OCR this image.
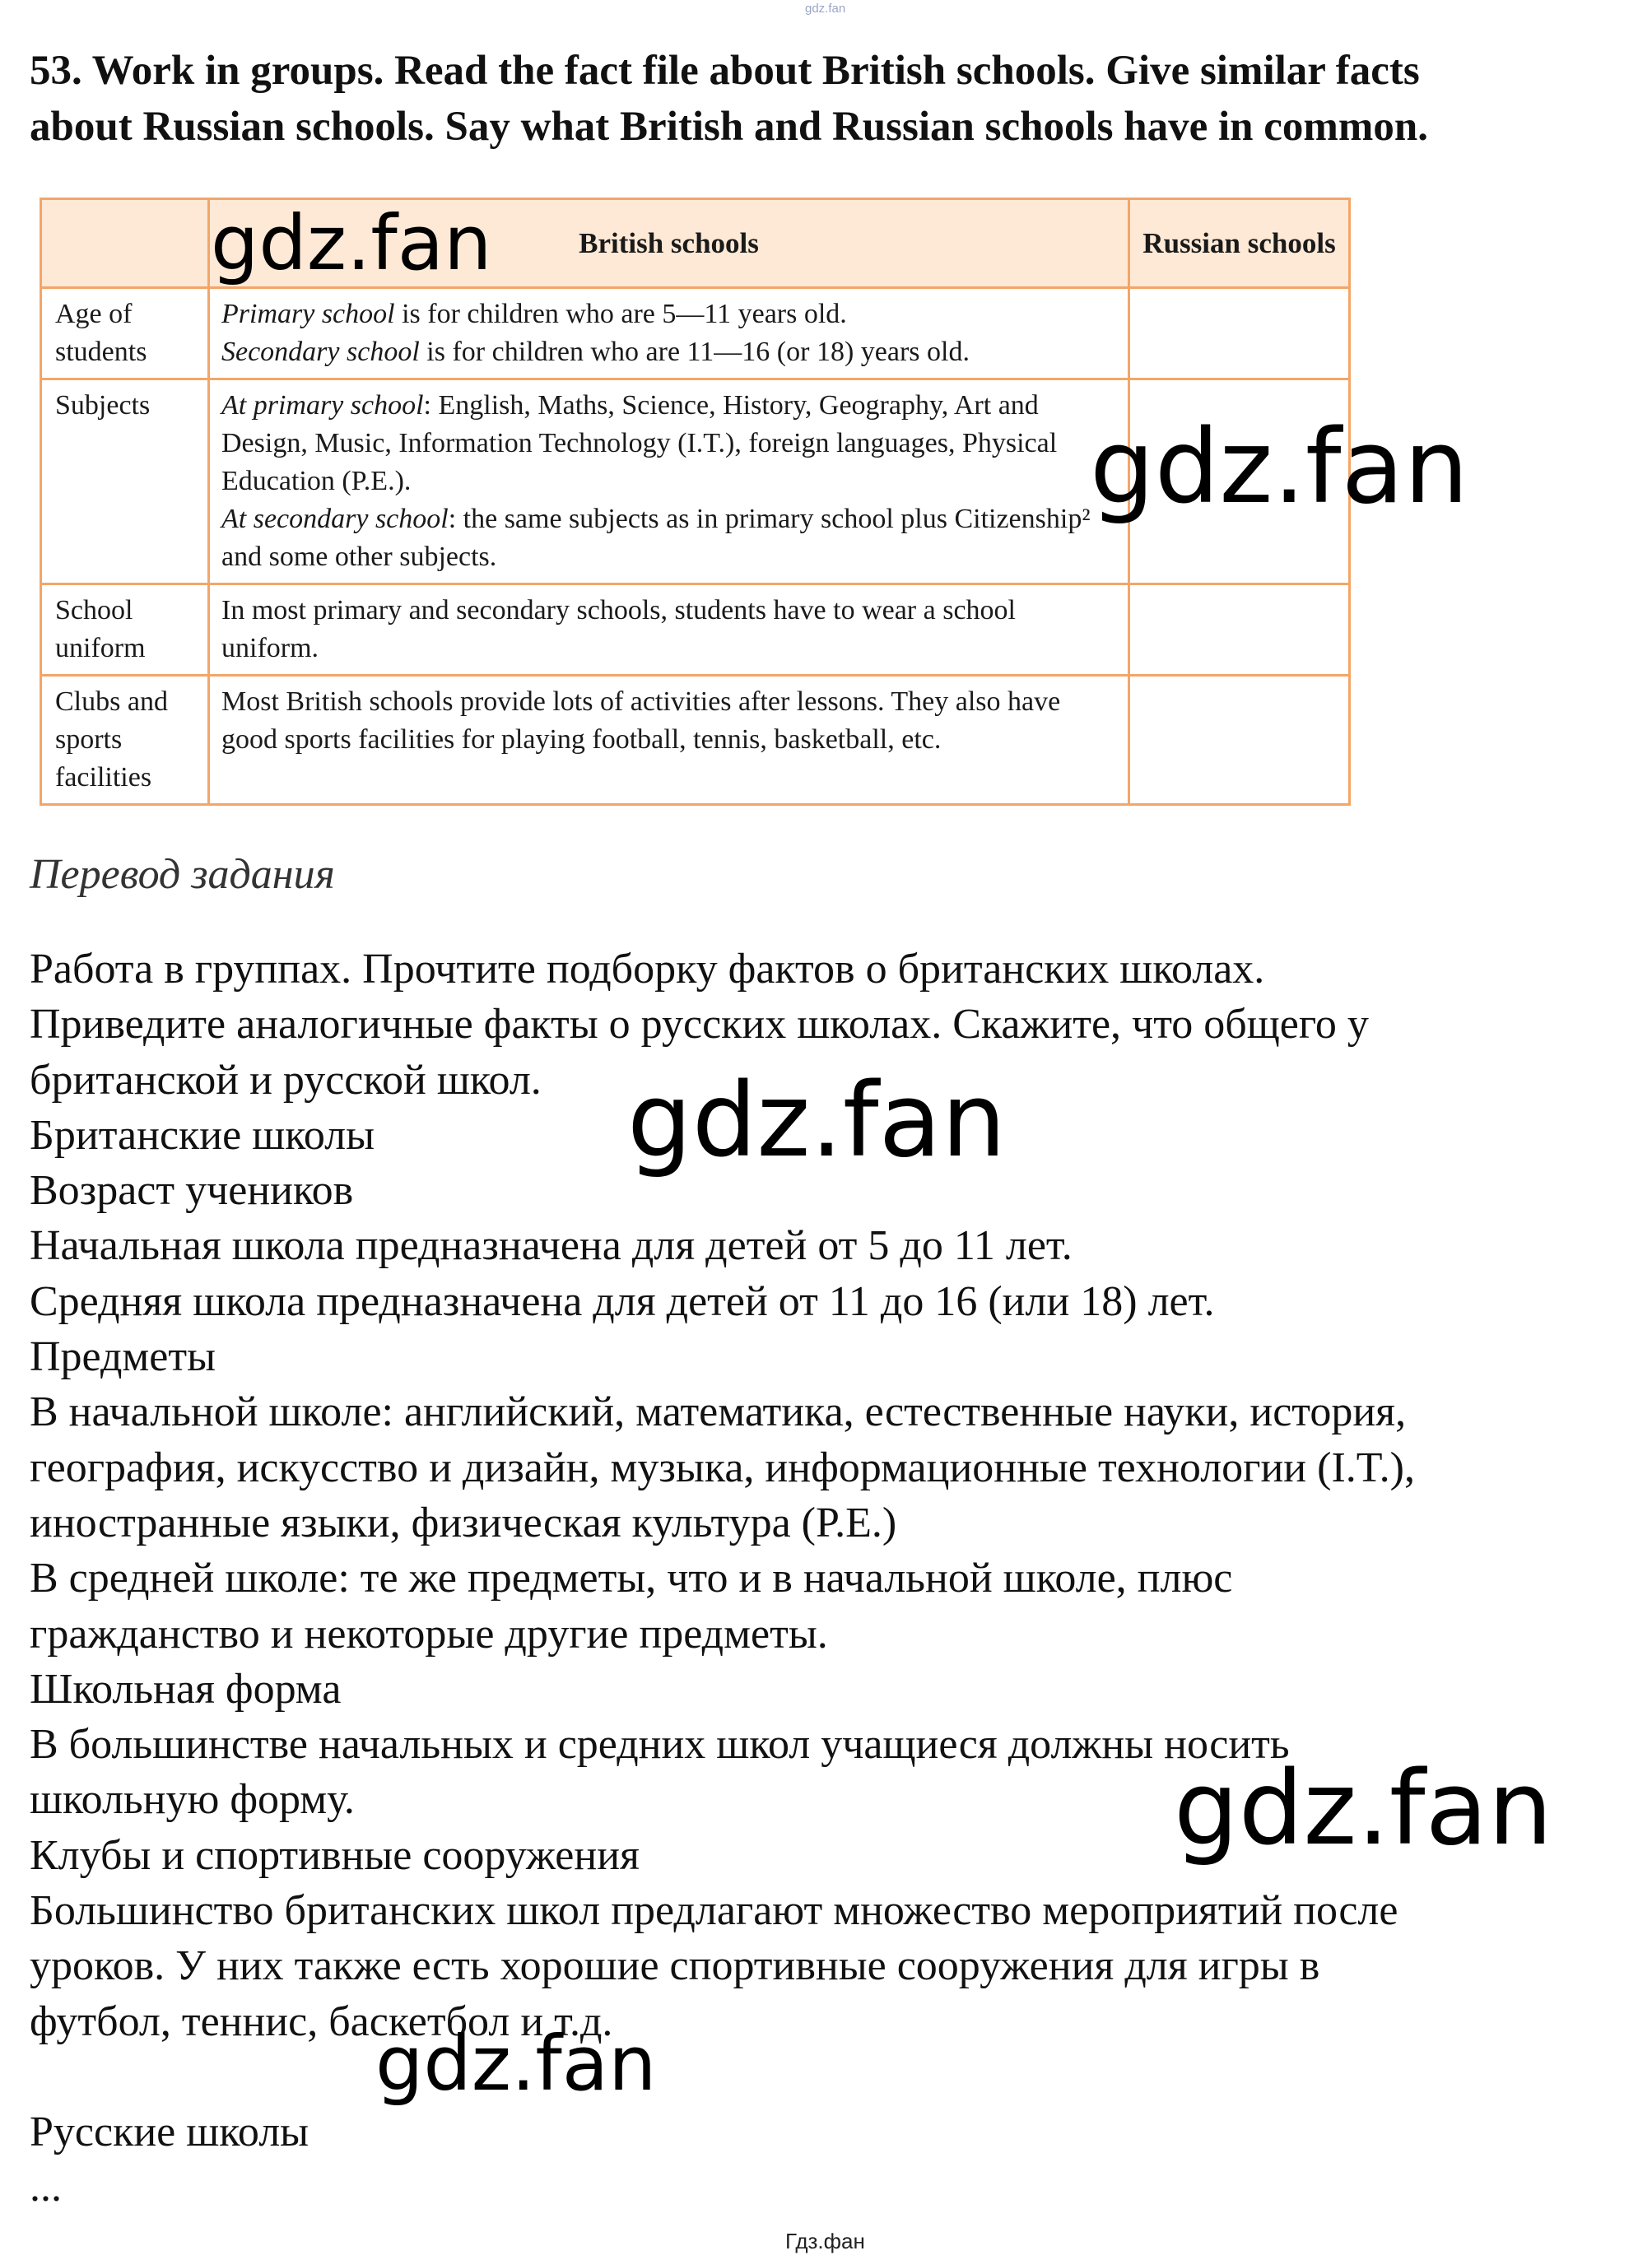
gdz.fan
53. Work in groups. Read the fact file about British schools. Give similar facts
about Russian schools. Say what British and Russian schools have in common.
	British schools	Russian schools
Age of students	Primary school is for children who are 5—11 years old.
Secondary school is for children who are 11—16 (or 18) years old.	

Subjects	At primary school: English, Maths, Science, History, Geography, Art and Design, Music, Information Technology (I.T.), foreign languages, Physical Education (P.E.).
At secondary school: the same subjects as in primary school plus Citizenship² and some other subjects.	

School uniform	In most primary and secondary schools, students have to wear a school uniform.	

Clubs and sports facilities	Most British schools provide lots of activities after lessons. They also have good sports facilities for playing football, tennis, basketball, etc.	

Перевод задания

Работа в группах. Прочтите подборку фактов о британских школах.

Приведите аналогичные факты о русских школах. Скажите, что общего у

британской и русской школ.

Британские школы

Возраст учеников

Начальная школа предназначена для детей от 5 до 11 лет.

Средняя школа предназначена для детей от 11 до 16 (или 18) лет.

Предметы

В начальной школе: английский, математика, естественные науки, история,

география, искусство и дизайн, музыка, информационные технологии (I.T.),

иностранные языки, физическая культура (P.E.)

В средней школе: те же предметы, что и в начальной школе, плюс

гражданство и некоторые другие предметы.

Школьная форма

В большинстве начальных и средних школ учащиеся должны носить

школьную форму.

Клубы и спортивные сооружения

Большинство британских школ предлагают множество мероприятий после

уроков. У них также есть хорошие спортивные сооружения для игры в

футбол, теннис, баскетбол и т.д.

Русские школы

...

gdz.fan
gdz.fan
gdz.fan
gdz.fan
gdz.fan
Гдз.фан
